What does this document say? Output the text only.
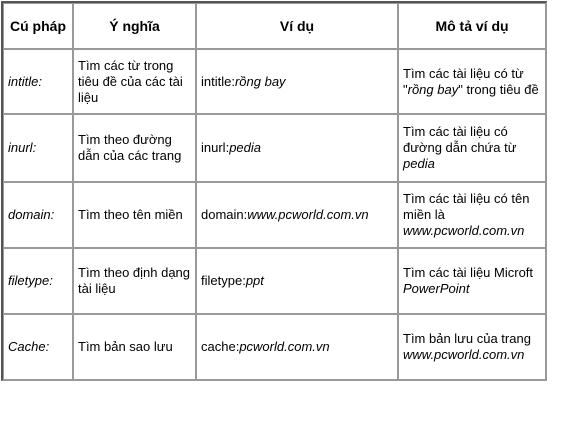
Cú pháp	Ý nghĩa	Ví dụ	Mô tả ví dụ
intitle:	Tìm các từ trong tiêu đề của các tài liệu	intitle:rồng bay	Tìm các tài liệu có từ "rồng bay" trong tiêu đề
inurl:	Tìm theo đường dẫn của các trang	inurl:pedia	Tìm các tài liệu có đường dẫn chứa từ pedia
domain:	Tìm theo tên miền	domain:www.pcworld.com.vn	Tìm các tài liệu có tên miền là www.pcworld.com.vn
filetype:	Tìm theo định dạng tài liệu	filetype:ppt	Tìm các tài liệu Microft PowerPoint
Cache:	Tìm bản sao lưu	cache:pcworld.com.vn	Tìm bản lưu của trang www.pcworld.com.vn
